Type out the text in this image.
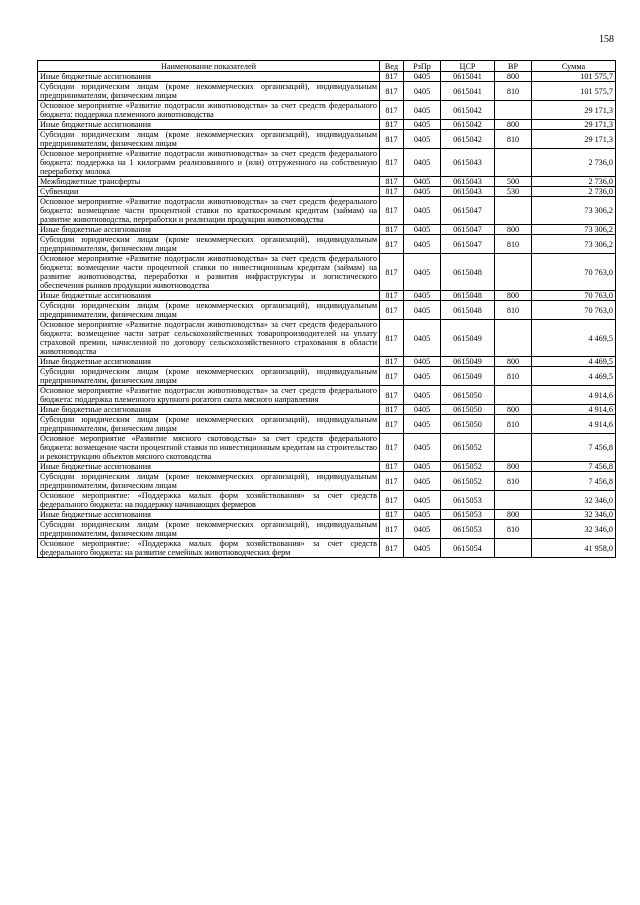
158
Наименование показателей	Вед	РзПр	ЦСР	ВР	Сумма
Иные бюджетные ассигнования	817	0405	0615041	800	101 575,7
Субсидии юридическим лицам (кроме некоммерческих организаций), индивидуальным предпринимателям, физическим лицам	817	0405	0615041	810	101 575,7
Основное мероприятие «Развитие подотрасли животноводства» за счет средств федерального бюджета: поддержка племенного животноводства	817	0405	0615042		29 171,3
Иные бюджетные ассигнования	817	0405	0615042	800	29 171,3
Субсидии юридическим лицам (кроме некоммерческих организаций), индивидуальным предпринимателям, физическим лицам	817	0405	0615042	810	29 171,3
Основное мероприятие «Развитие подотрасли животноводства» за счет средств федерального бюджета: поддержка на 1 килограмм реализованного и (или) отгруженного на собственную переработку молока	817	0405	0615043		2 736,0
Межбюджетные трансферты	817	0405	0615043	500	2 736,0
Субвенции	817	0405	0615043	530	2 736,0
Основное мероприятие «Развитие подотрасли животноводства» за счет средств федерального бюджета: возмещение части процентной ставки по краткосрочным кредитам (займам) на развитие животноводства, переработки и реализации продукции животноводства	817	0405	0615047		73 306,2
Иные бюджетные ассигнования	817	0405	0615047	800	73 306,2
Субсидии юридическим лицам (кроме некоммерческих организаций), индивидуальным предпринимателям, физическим лицам	817	0405	0615047	810	73 306,2
Основное мероприятие «Развитие подотрасли животноводства» за счет средств федерального бюджета: возмещение части процентной ставки по инвестиционным кредитам (займам) на развитие животноводства, переработки и развития инфраструктуры и логистического обеспечения рынков продукции животноводства	817	0405	0615048		70 763,0
Иные бюджетные ассигнования	817	0405	0615048	800	70 763,0
Субсидии юридическим лицам (кроме некоммерческих организаций), индивидуальным предпринимателям, физическим лицам	817	0405	0615048	810	70 763,0
Основное мероприятие «Развитие подотрасли животноводства» за счет средств федерального бюджета: возмещение части затрат сельскохозяйственных товаропроизводителей на уплату страховой премии, начисленной по договору сельскохозяйственного страхования в области животноводства	817	0405	0615049		4 469,5
Иные бюджетные ассигнования	817	0405	0615049	800	4 469,5
Субсидии юридическим лицам (кроме некоммерческих организаций), индивидуальным предпринимателям, физическим лицам	817	0405	0615049	810	4 469,5
Основное мероприятие «Развитие подотрасли животноводства» за счет средств федерального бюджета: поддержка племенного крупного рогатого скота мясного направления	817	0405	0615050		4 914,6
Иные бюджетные ассигнования	817	0405	0615050	800	4 914,6
Субсидии юридическим лицам (кроме некоммерческих организаций), индивидуальным предпринимателям, физическим лицам	817	0405	0615050	810	4 914,6
Основное мероприятие «Развитие мясного скотоводства» за счет средств федерального бюджета: возмещение части процентной ставки по инвестиционным кредитам на строительство и реконструкцию объектов мясного скотоводства	817	0405	0615052		7 456,8
Иные бюджетные ассигнования	817	0405	0615052	800	7 456,8
Субсидии юридическим лицам (кроме некоммерческих организаций), индивидуальным предпринимателям, физическим лицам	817	0405	0615052	810	7 456,8
Основное мероприятие: «Поддержка малых форм хозяйствования» за счет средств федерального бюджета: на поддержку начинающих фермеров	817	0405	0615053		32 346,0
Иные бюджетные ассигнования	817	0405	0615053	800	32 346,0
Субсидии юридическим лицам (кроме некоммерческих организаций), индивидуальным предпринимателям, физическим лицам	817	0405	0615053	810	32 346,0
Основное мероприятие: «Поддержка малых форм хозяйствования» за счет средств федерального бюджета: на развитие семейных животноводческих ферм	817	0405	0615054		41 958,0
